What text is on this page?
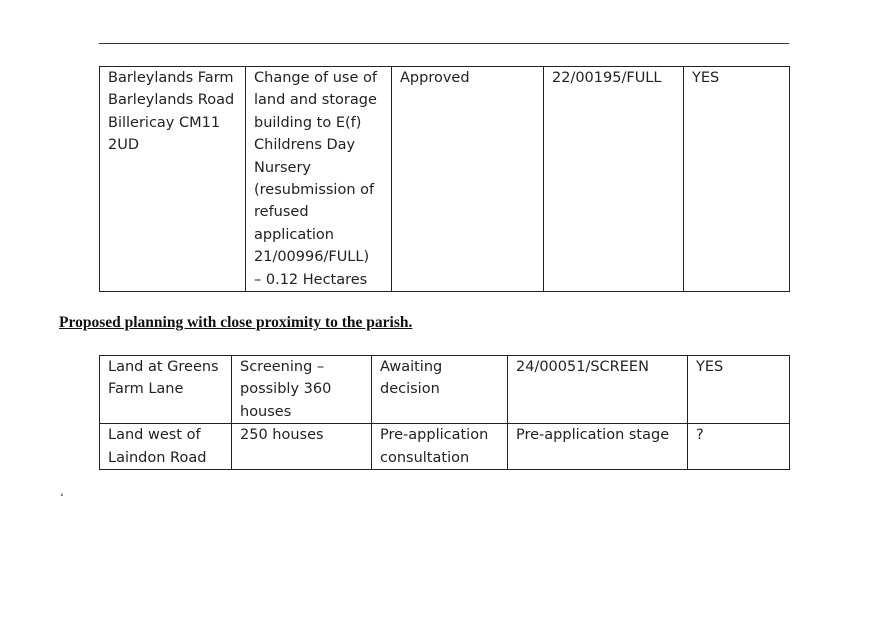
Barleylands Farm
Barleylands Road
Billericay CM11
2UD	Change of use of
land and storage
building to E(f)
Childrens Day
Nursery
(resubmission of
refused
application
21/00996/FULL)
– 0.12 Hectares	Approved	22/00195/FULL	YES
Proposed planning with close proximity to the parish.
Land at Greens
Farm Lane	Screening –
possibly 360
houses	Awaiting
decision	24/00051/SCREEN	YES
Land west of
Laindon Road	250 houses	Pre-application
consultation	Pre-application stage	?
‘
